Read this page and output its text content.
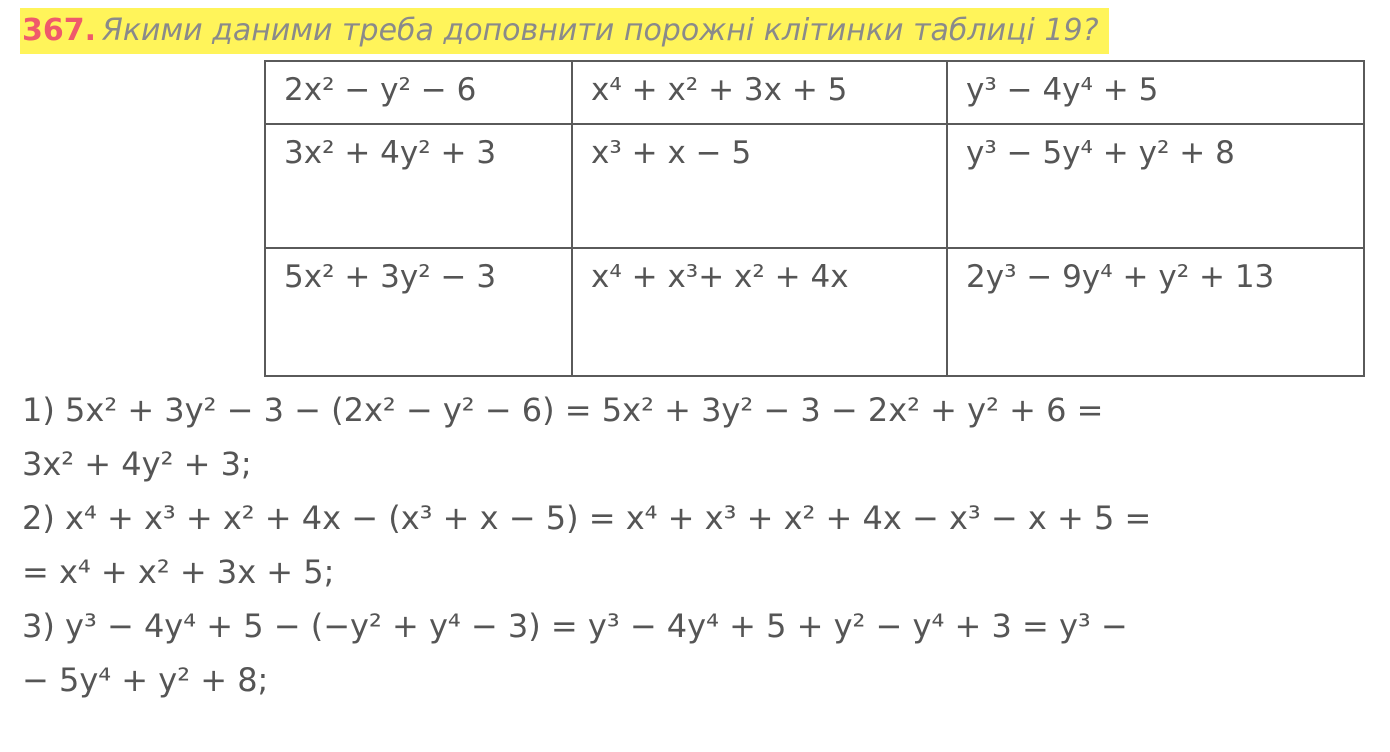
367. Якими даними треба доповнити порожні клітинки таблиці 19?
2x² − y² − 6	x⁴ + x² + 3x + 5	y³ − 4y⁴ + 5
3x² + 4y² + 3	x³ + x − 5	y³ − 5y⁴ + y² + 8
5x² + 3y² − 3	x⁴ + x³+ x² + 4x	2y³ − 9y⁴ + y² + 13
1) 5x² + 3y² − 3 − (2x² − y² − 6) = 5x² + 3y² − 3 − 2x² + y² + 6 =
3x² + 4y² + 3;
2) x⁴ + x³ + x² + 4x − (x³ + x − 5) = x⁴ + x³ + x² + 4x − x³ − x + 5 =
= x⁴ + x² + 3x + 5;
3) y³ − 4y⁴ + 5 − (−y² + y⁴ − 3) = y³ − 4y⁴ + 5 + y² − y⁴ + 3 = y³ −
− 5y⁴ + y² + 8;
